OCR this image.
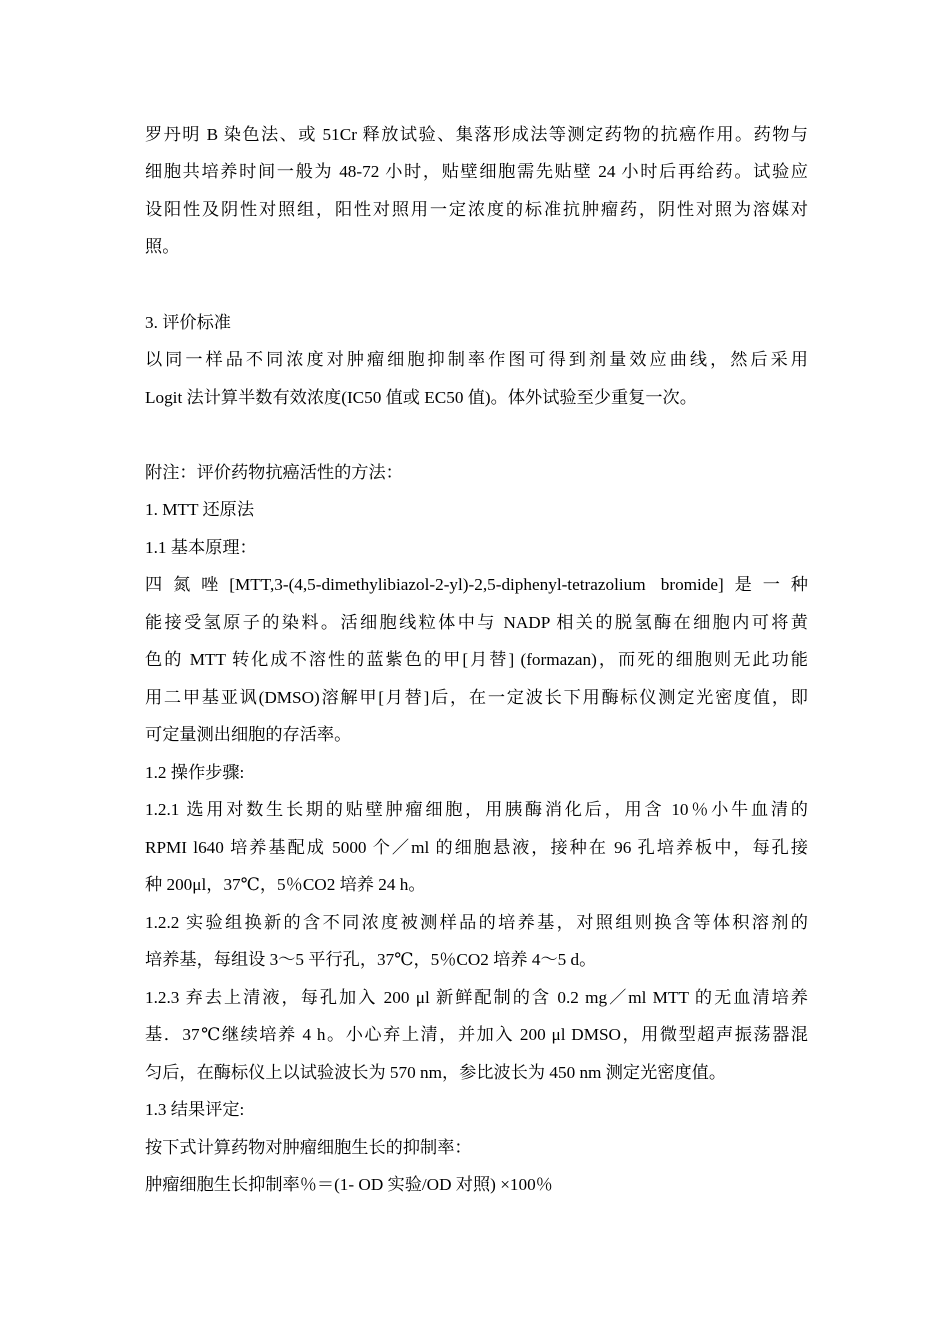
罗丹明 B 染色法、或 51Cr 释放试验、集落形成法等测定药物的抗癌作用。药物与

细胞共培养时间一般为 48-72 小时，贴壁细胞需先贴壁 24 小时后再给药。试验应

设阳性及阴性对照组，阳性对照用一定浓度的标准抗肿瘤药，阴性对照为溶媒对

照。

3. 评价标准

以同一样品不同浓度对肿瘤细胞抑制率作图可得到剂量效应曲线，然后采用

Logit 法计算半数有效浓度(IC50 值或 EC50 值)。体外试验至少重复一次。

附注：评价药物抗癌活性的方法：

1. MTT 还原法

1.1 基本原理：

四氮唑[MTT,3-(4,5-dimethylibiazol-2-yl)-2,5-diphenyl-tetrazolium bromide]是一种

能接受氢原子的染料。活细胞线粒体中与 NADP 相关的脱氢酶在细胞内可将黄

色的 MTT 转化成不溶性的蓝紫色的甲[月替] (formazan)，而死的细胞则无此功能

用二甲基亚讽(DMSO)溶解甲[月替]后，在一定波长下用酶标仪测定光密度值，即

可定量测出细胞的存活率。

1.2 操作步骤:

1.2.1 选用对数生长期的贴壁肿瘤细胞，用胰酶消化后，用含 10％小牛血清的

RPMI l640 培养基配成 5000 个／ml 的细胞悬液，接种在 96 孔培养板中，每孔接

种 200μl，37℃，5％CO2 培养 24 h。

1.2.2 实验组换新的含不同浓度被测样品的培养基，对照组则换含等体积溶剂的

培养基，每组设 3～5 平行孔，37℃，5％CO2 培养 4～5 d。

1.2.3 弃去上清液，每孔加入 200 μl 新鲜配制的含 0.2 mg／ml MTT 的无血清培养

基．37℃继续培养 4 h。小心弃上清，并加入 200 μl DMSO，用微型超声振荡器混

匀后，在酶标仪上以试验波长为 570 nm，参比波长为 450 nm 测定光密度值。

1.3 结果评定:

按下式计算药物对肿瘤细胞生长的抑制率：

肿瘤细胞生长抑制率％＝(1- OD 实验/OD 对照) ×100％
